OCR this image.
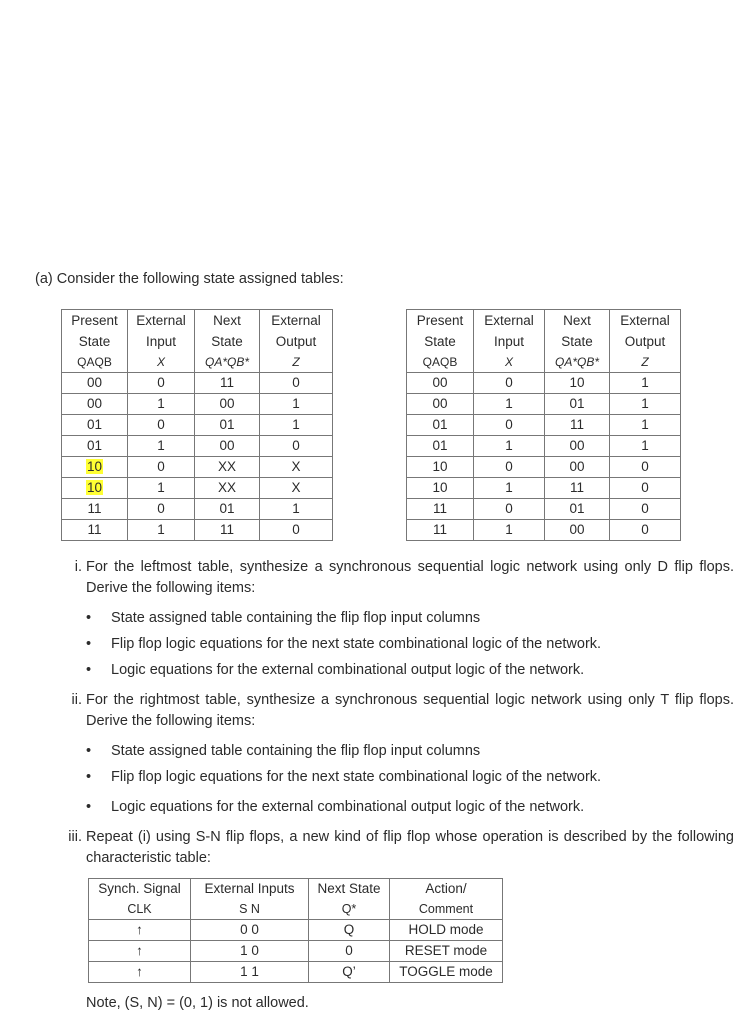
(a) Consider the following state assigned tables:
Present	External	Next	External
State	Input	State	Output
QAQB	X	QA*QB*	Z
00	0	11	0
00	1	00	1
01	0	01	1
01	1	00	0
10	0	XX	X
10	1	XX	X
11	0	01	1
11	1	11	0
Present	External	Next	External
State	Input	State	Output
QAQB	X	QA*QB*	Z
00	0	10	1
00	1	01	1
01	0	11	1
01	1	00	1
10	0	00	0
10	1	11	0
11	0	01	0
11	1	00	0
i. For the leftmost table, synthesize a synchronous sequential logic network using only D flip flops. Derive the following items:
• State assigned table containing the flip flop input columns
• Flip flop logic equations for the next state combinational logic of the network.
• Logic equations for the external combinational output logic of the network.
ii. For the rightmost table, synthesize a synchronous sequential logic network using only T flip flops. Derive the following items:
• State assigned table containing the flip flop input columns
• Flip flop logic equations for the next state combinational logic of the network.
• Logic equations for the external combinational output logic of the network.
iii. Repeat (i) using S-N flip flops, a new kind of flip flop whose operation is described by the following characteristic table:
Synch. Signal	External Inputs	Next State	Action/
CLK	S N	Q*	Comment
↑	0 0	Q	HOLD mode
↑	1 0	0	RESET mode
↑	1 1	Q’	TOGGLE mode
Note, (S, N) = (0, 1) is not allowed.
